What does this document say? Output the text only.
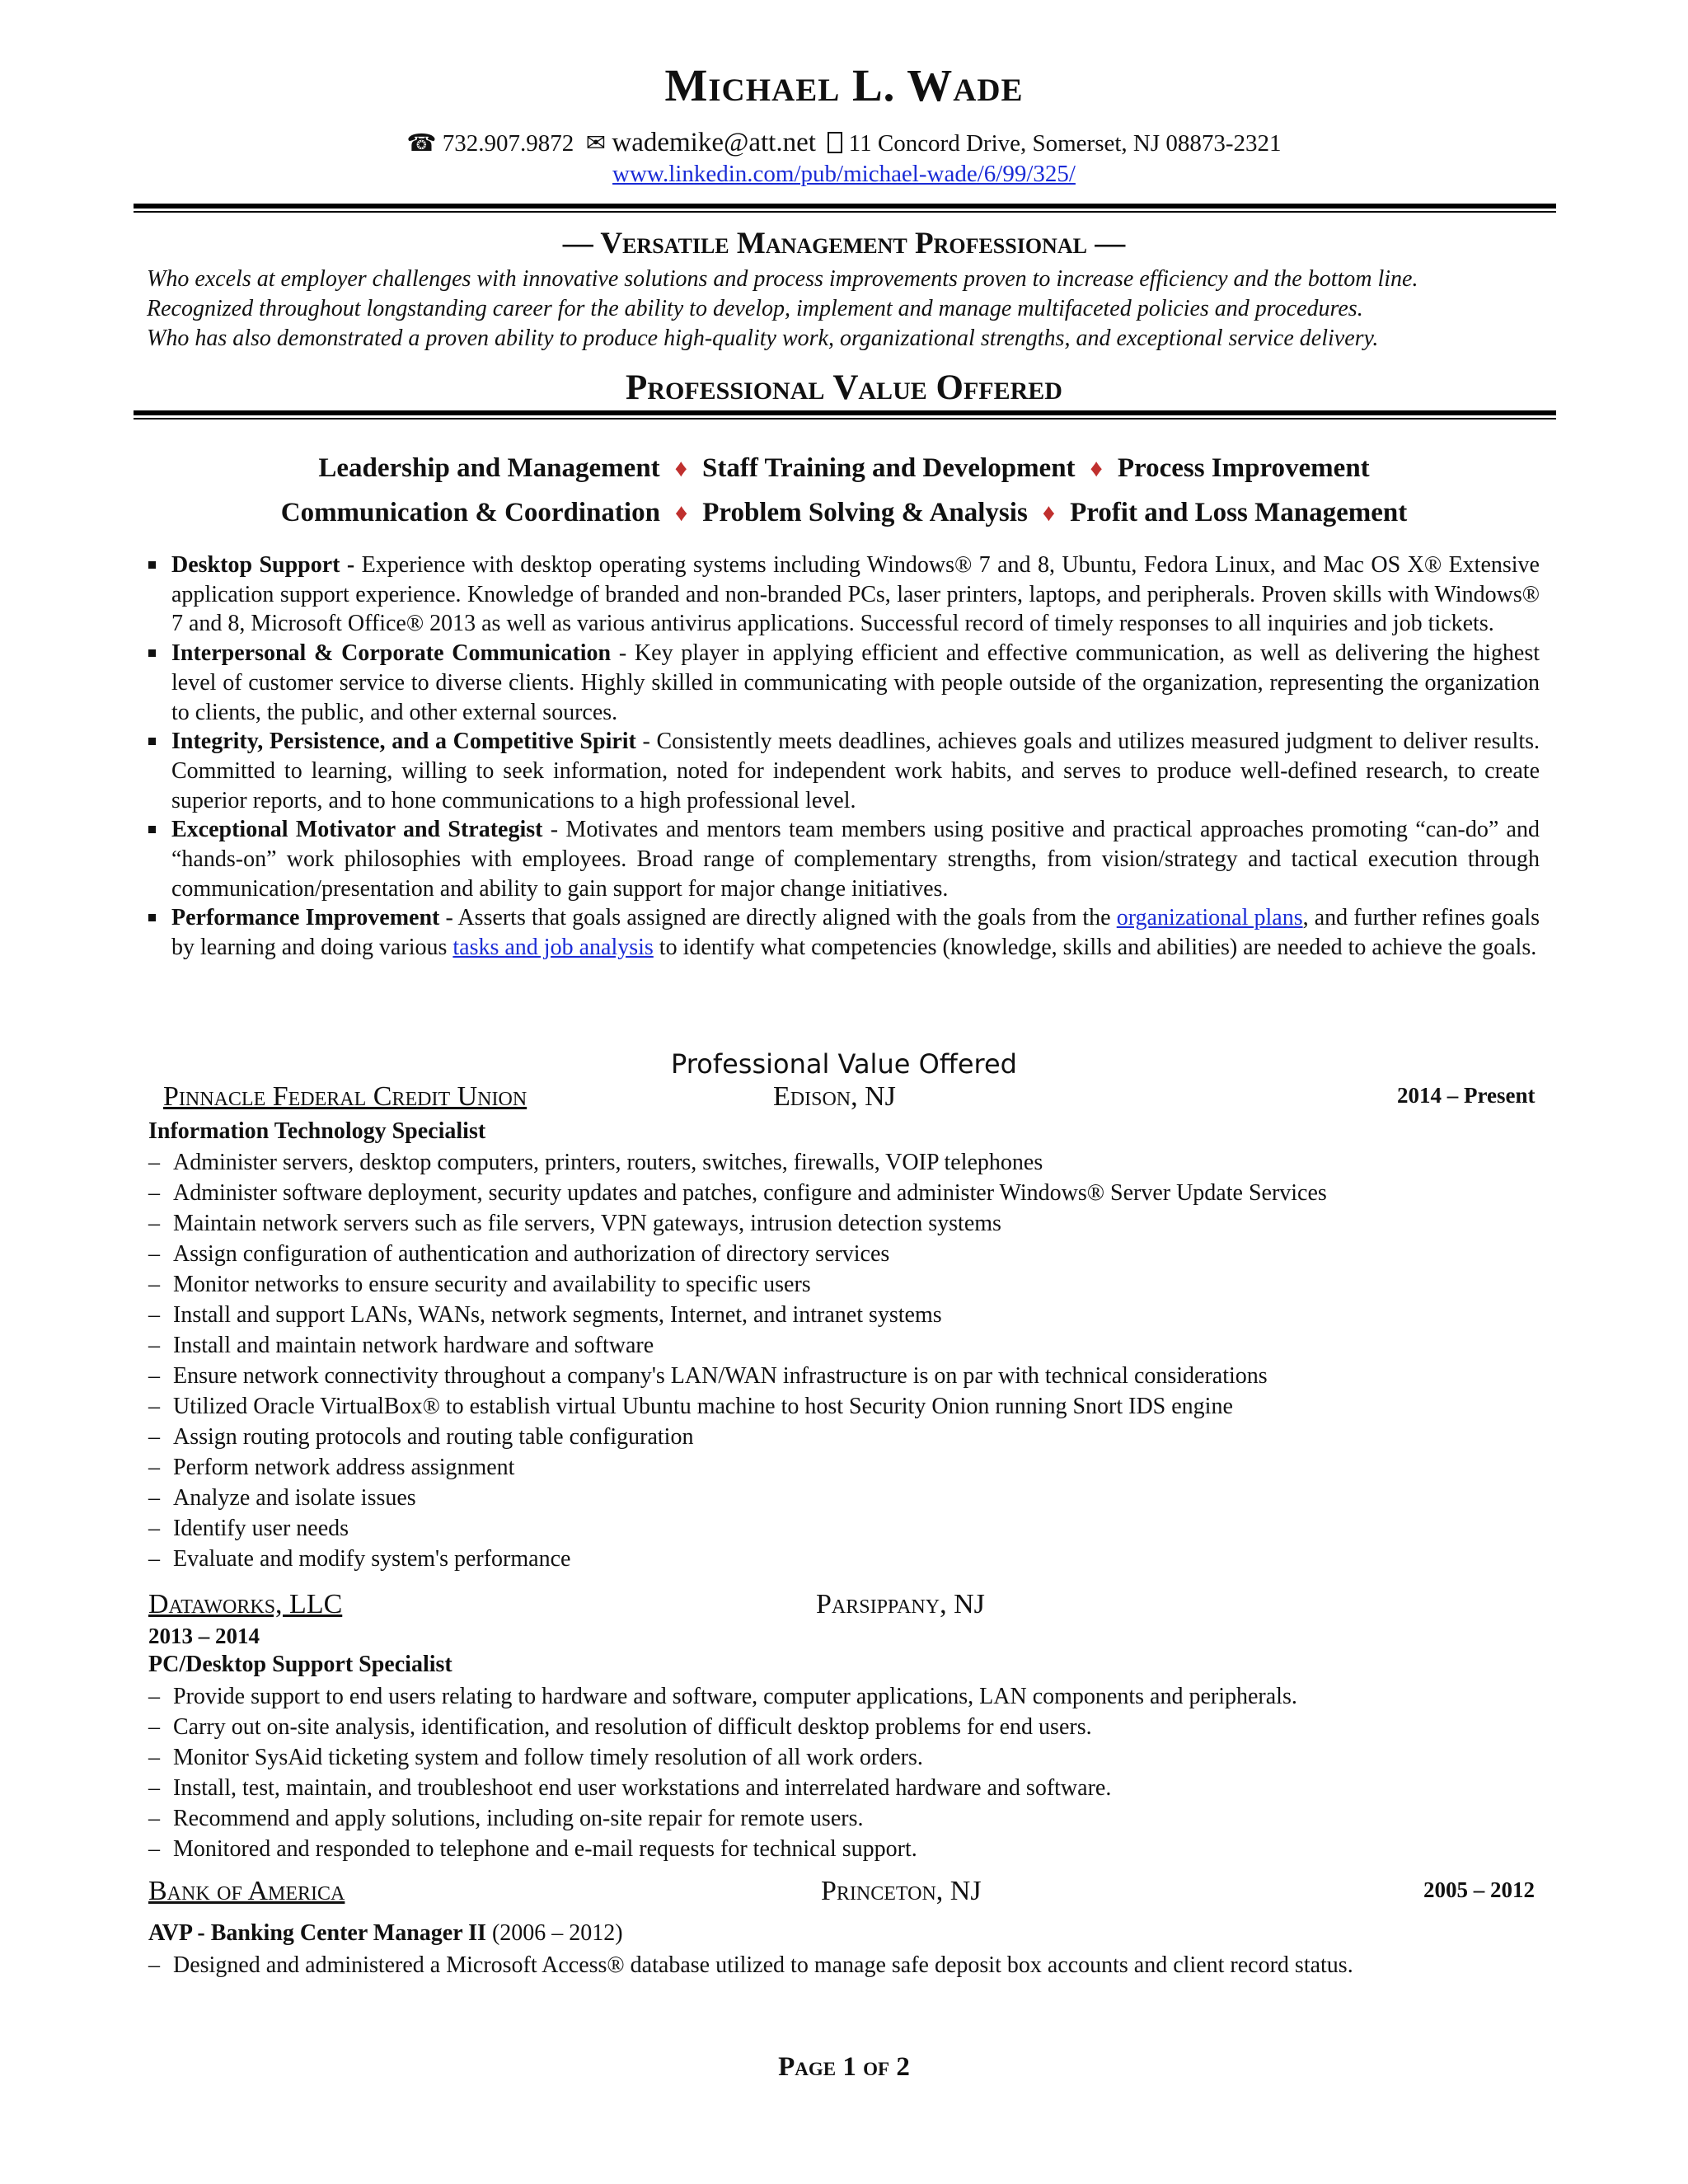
Michael L. Wade
☎ 732.907.9872 ✉ wademike@att.net 11 Concord Drive, Somerset, NJ 08873-2321
www.linkedin.com/pub/michael-wade/6/99/325/
— Versatile Management Professional —
Who excels at employer challenges with innovative solutions and process improvements proven to increase efficiency and the bottom line.
Recognized throughout longstanding career for the ability to develop, implement and manage multifaceted policies and procedures.
Who has also demonstrated a proven ability to produce high-quality work, organizational strengths, and exceptional service delivery.
Professional Value Offered
Leadership and Management ♦ Staff Training and Development ♦ Process Improvement
Communication & Coordination ♦ Problem Solving & Analysis ♦ Profit and Loss Management
Desktop Support - Experience with desktop operating systems including Windows® 7 and 8, Ubuntu, Fedora Linux, and Mac OS X® Extensive application support experience. Knowledge of branded and non-branded PCs, laser printers, laptops, and peripherals. Proven skills with Windows® 7 and 8, Microsoft Office® 2013 as well as various antivirus applications. Successful record of timely responses to all inquiries and job tickets.
Interpersonal & Corporate Communication - Key player in applying efficient and effective communication, as well as delivering the highest level of customer service to diverse clients. Highly skilled in communicating with people outside of the organization, representing the organization to clients, the public, and other external sources.
Integrity, Persistence, and a Competitive Spirit - Consistently meets deadlines, achieves goals and utilizes measured judgment to deliver results. Committed to learning, willing to seek information, noted for independent work habits, and serves to produce well-defined research, to create superior reports, and to hone communications to a high professional level.
Exceptional Motivator and Strategist - Motivates and mentors team members using positive and practical approaches promoting “can-do” and “hands-on” work philosophies with employees. Broad range of complementary strengths, from vision/strategy and tactical execution through communication/presentation and ability to gain support for major change initiatives.
Performance Improvement - Asserts that goals assigned are directly aligned with the goals from the organizational plans, and further refines goals by learning and doing various tasks and job analysis to identify what competencies (knowledge, skills and abilities) are needed to achieve the goals.
Professional Value Offered
Pinnacle Federal Credit Union	Edison, NJ	2014 – Present
Information Technology Specialist
– Administer servers, desktop computers, printers, routers, switches, firewalls, VOIP telephones
– Administer software deployment, security updates and patches, configure and administer Windows® Server Update Services
– Maintain network servers such as file servers, VPN gateways, intrusion detection systems
– Assign configuration of authentication and authorization of directory services
– Monitor networks to ensure security and availability to specific users
– Install and support LANs, WANs, network segments, Internet, and intranet systems
– Install and maintain network hardware and software
– Ensure network connectivity throughout a company's LAN/WAN infrastructure is on par with technical considerations
– Utilized Oracle VirtualBox® to establish virtual Ubuntu machine to host Security Onion running Snort IDS engine
– Assign routing protocols and routing table configuration
– Perform network address assignment
– Analyze and isolate issues
– Identify user needs
– Evaluate and modify system's performance
Dataworks, LLC	Parsippany, NJ
2013 – 2014
PC/Desktop Support Specialist
– Provide support to end users relating to hardware and software, computer applications, LAN components and peripherals.
– Carry out on-site analysis, identification, and resolution of difficult desktop problems for end users.
– Monitor SysAid ticketing system and follow timely resolution of all work orders.
– Install, test, maintain, and troubleshoot end user workstations and interrelated hardware and software.
– Recommend and apply solutions, including on-site repair for remote users.
– Monitored and responded to telephone and e-mail requests for technical support.
Bank of America	Princeton, NJ	2005 – 2012
AVP - Banking Center Manager II (2006 – 2012)
– Designed and administered a Microsoft Access® database utilized to manage safe deposit box accounts and client record status.
Page 1 of 2
